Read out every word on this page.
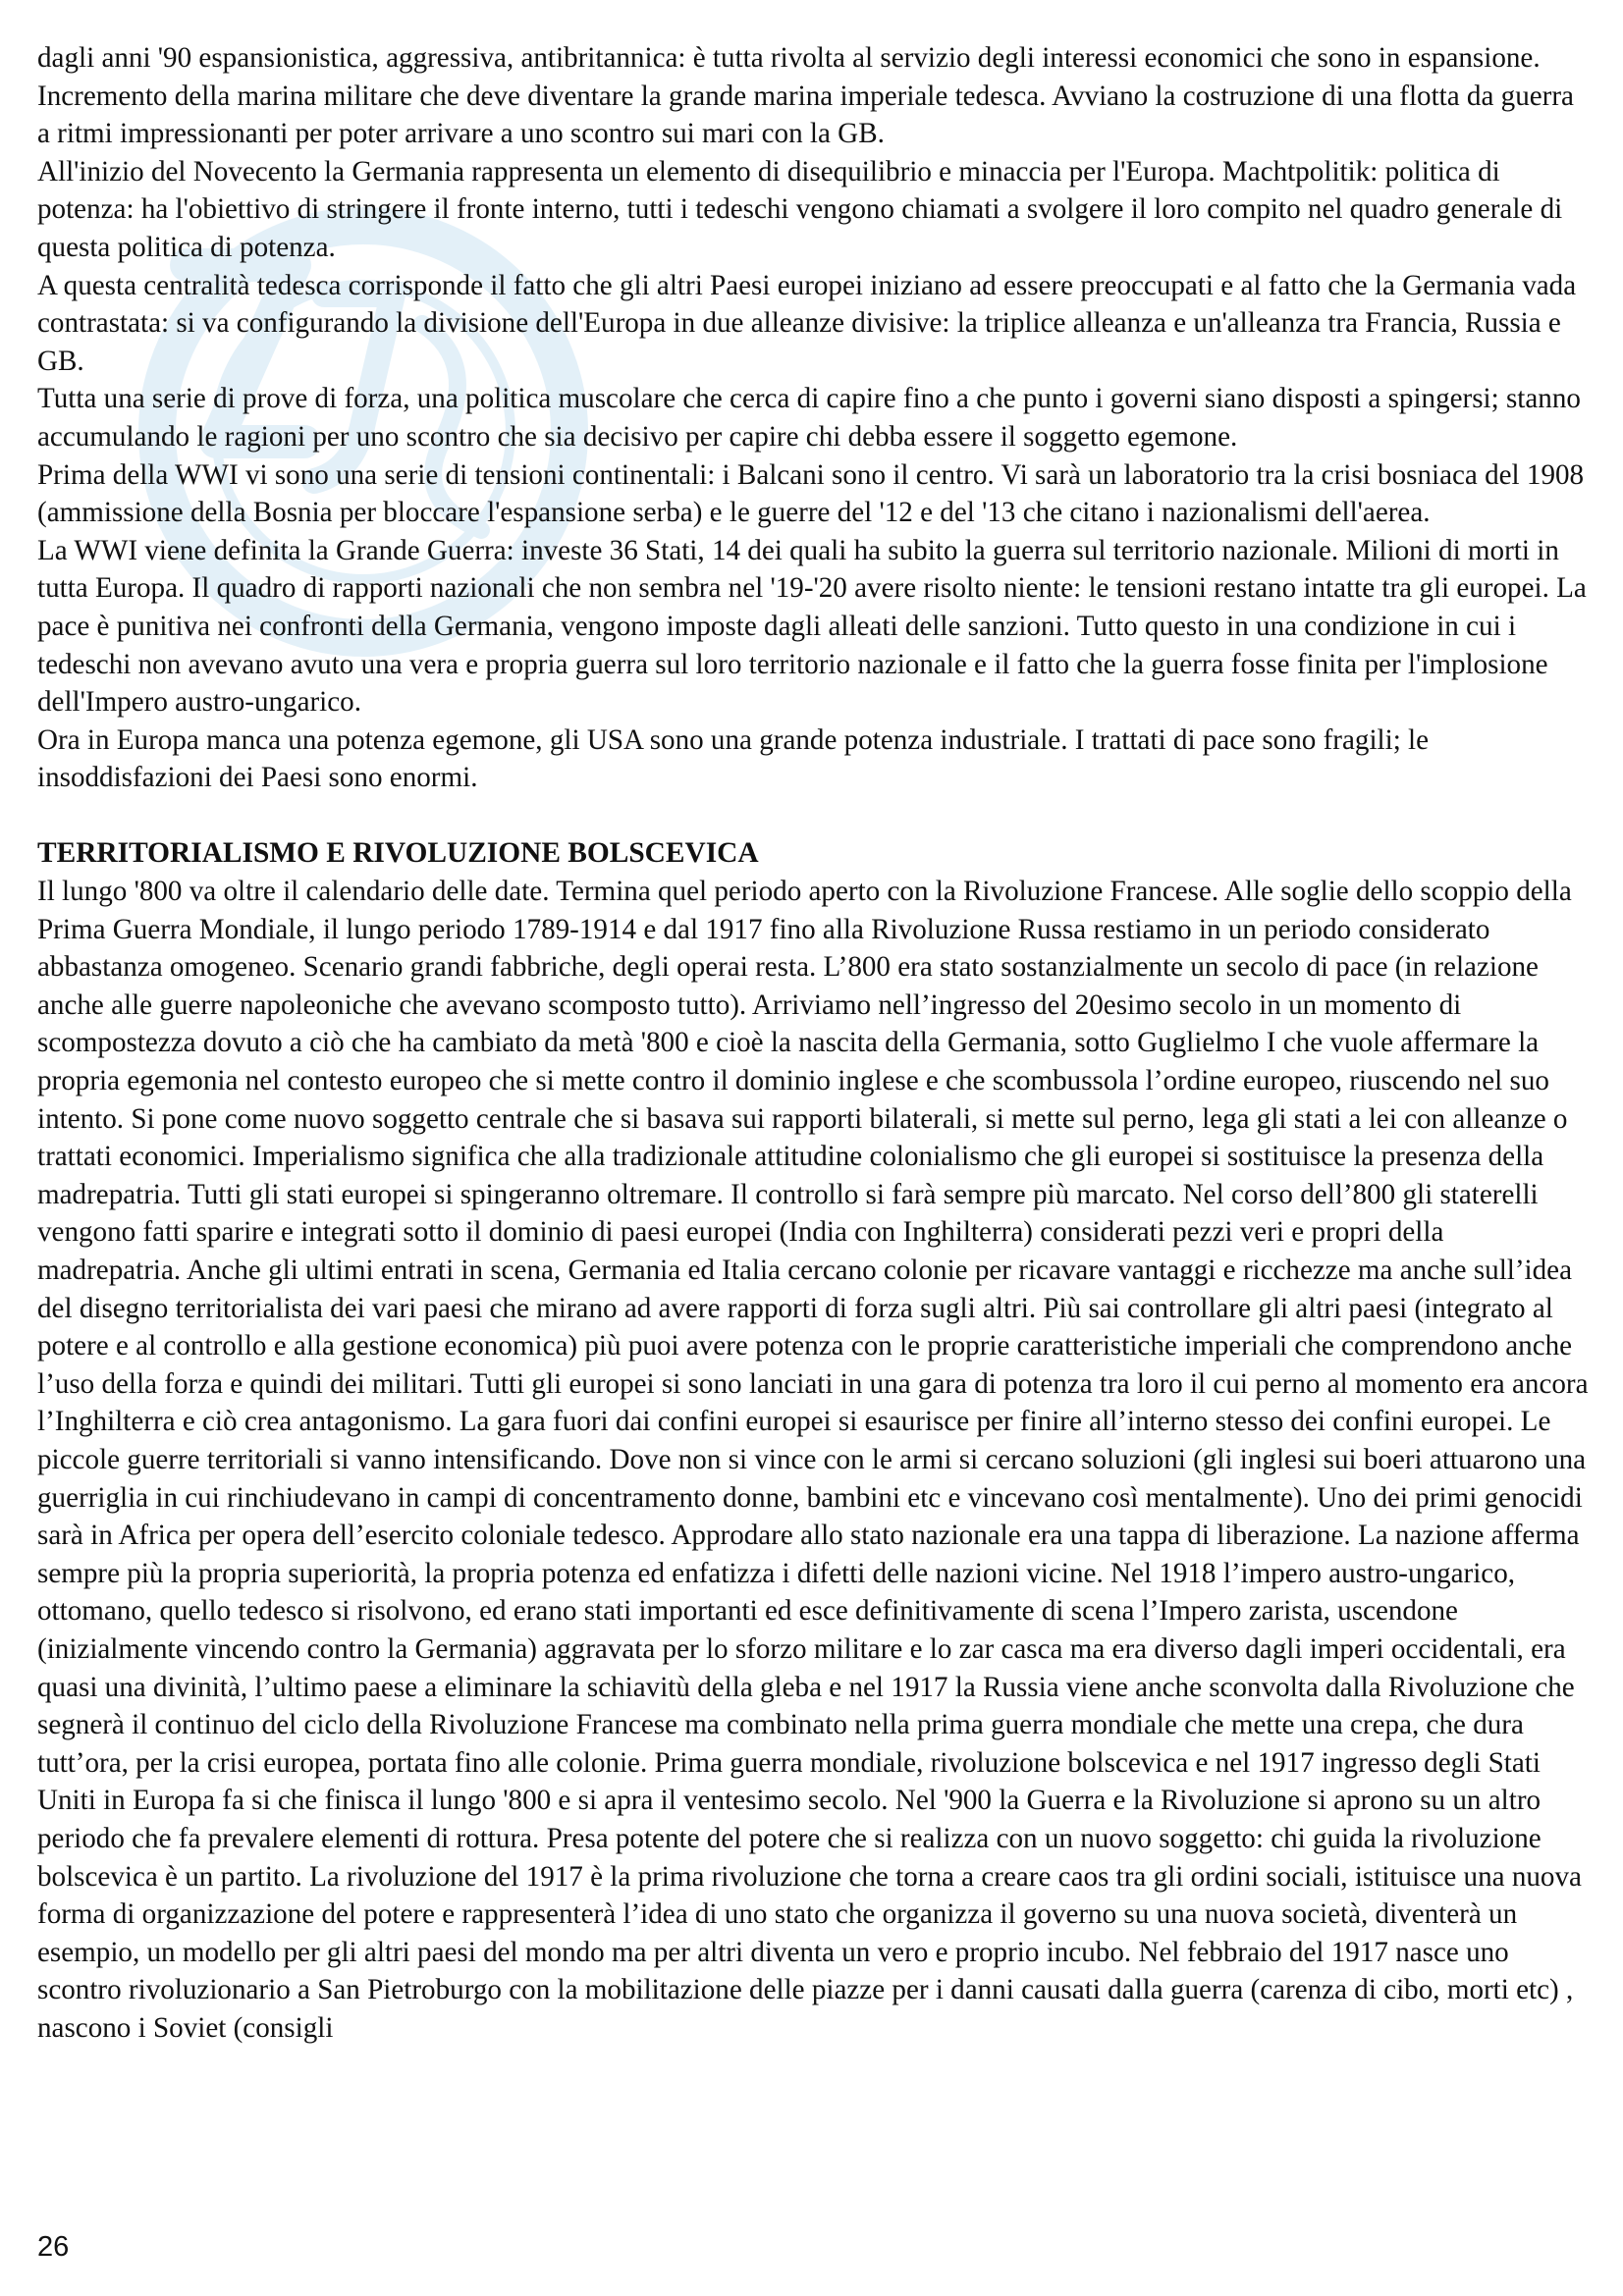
dagli anni '90 espansionistica, aggressiva, antibritannica: è tutta rivolta al servizio degli interessi economici che sono in espansione. Incremento della marina militare che deve diventare la grande marina imperiale tedesca. Avviano la costruzione di una flotta da guerra a ritmi impressionanti per poter arrivare a uno scontro sui mari con la GB.

All'inizio del Novecento la Germania rappresenta un elemento di disequilibrio e minaccia per l'Europa. Machtpolitik: politica di potenza: ha l'obiettivo di stringere il fronte interno, tutti i tedeschi vengono chiamati a svolgere il loro compito nel quadro generale di questa politica di potenza.

A questa centralità tedesca corrisponde il fatto che gli altri Paesi europei iniziano ad essere preoccupati e al fatto che la Germania vada contrastata: si va configurando la divisione dell'Europa in due alleanze divisive: la triplice alleanza e un'alleanza tra Francia, Russia e GB.

Tutta una serie di prove di forza, una politica muscolare che cerca di capire fino a che punto i governi siano disposti a spingersi; stanno accumulando le ragioni per uno scontro che sia decisivo per capire chi debba essere il soggetto egemone.

Prima della WWI vi sono una serie di tensioni continentali: i Balcani sono il centro. Vi sarà un laboratorio tra la crisi bosniaca del 1908 (ammissione della Bosnia per bloccare l'espansione serba) e le guerre del '12 e del '13 che citano i nazionalismi dell'aerea.

La WWI viene definita la Grande Guerra: investe 36 Stati, 14 dei quali ha subito la guerra sul territorio nazionale. Milioni di morti in tutta Europa. Il quadro di rapporti nazionali che non sembra nel '19-'20 avere risolto niente: le tensioni restano intatte tra gli europei. La pace è punitiva nei confronti della Germania, vengono imposte dagli alleati delle sanzioni. Tutto questo in una condizione in cui i tedeschi non avevano avuto una vera e propria guerra sul loro territorio nazionale e il fatto che la guerra fosse finita per l'implosione dell'Impero austro-ungarico.

Ora in Europa manca una potenza egemone, gli USA sono una grande potenza industriale. I trattati di pace sono fragili; le insoddisfazioni dei Paesi sono enormi.

TERRITORIALISMO E RIVOLUZIONE BOLSCEVICA

Il lungo '800 va oltre il calendario delle date. Termina quel periodo aperto con la Rivoluzione Francese. Alle soglie dello scoppio della Prima Guerra Mondiale, il lungo periodo 1789-1914 e dal 1917 fino alla Rivoluzione Russa restiamo in un periodo considerato abbastanza omogeneo. Scenario grandi fabbriche, degli operai resta. L’800 era stato sostanzialmente un secolo di pace (in relazione anche alle guerre napoleoniche che avevano scomposto tutto). Arriviamo nell’ingresso del 20esimo secolo in un momento di scompostezza dovuto a ciò che ha cambiato da metà '800 e cioè la nascita della Germania, sotto Guglielmo I che vuole affermare la propria egemonia nel contesto europeo che si mette contro il dominio inglese e che scombussola l’ordine europeo, riuscendo nel suo intento. Si pone come nuovo soggetto centrale che si basava sui rapporti bilaterali, si mette sul perno, lega gli stati a lei con alleanze o trattati economici. Imperialismo significa che alla tradizionale attitudine colonialismo che gli europei si sostituisce la presenza della madrepatria. Tutti gli stati europei si spingeranno oltremare. Il controllo si farà sempre più marcato. Nel corso dell’800 gli staterelli vengono fatti sparire e integrati sotto il dominio di paesi europei (India con Inghilterra) considerati pezzi veri e propri della madrepatria. Anche gli ultimi entrati in scena, Germania ed Italia cercano colonie per ricavare vantaggi e ricchezze ma anche sull’idea del disegno territorialista dei vari paesi che mirano ad avere rapporti di forza sugli altri. Più sai controllare gli altri paesi (integrato al potere e al controllo e alla gestione economica) più puoi avere potenza con le proprie caratteristiche imperiali che comprendono anche l’uso della forza e quindi dei militari. Tutti gli europei si sono lanciati in una gara di potenza tra loro il cui perno al momento era ancora l’Inghilterra e ciò crea antagonismo. La gara fuori dai confini europei si esaurisce per finire all’interno stesso dei confini europei. Le piccole guerre territoriali si vanno intensificando. Dove non si vince con le armi si cercano soluzioni (gli inglesi sui boeri attuarono una guerriglia in cui rinchiudevano in campi di concentramento donne, bambini etc e vincevano così mentalmente). Uno dei primi genocidi sarà in Africa per opera dell’esercito coloniale tedesco. Approdare allo stato nazionale era una tappa di liberazione. La nazione afferma sempre più la propria superiorità, la propria potenza ed enfatizza i difetti delle nazioni vicine. Nel 1918 l’impero austro-ungarico, ottomano, quello tedesco si risolvono, ed erano stati importanti ed esce definitivamente di scena l’Impero zarista, uscendone (inizialmente vincendo contro la Germania) aggravata per lo sforzo militare e lo zar casca ma era diverso dagli imperi occidentali, era quasi una divinità, l’ultimo paese a eliminare la schiavitù della gleba e nel 1917 la Russia viene anche sconvolta dalla Rivoluzione che segnerà il continuo del ciclo della Rivoluzione Francese ma combinato nella prima guerra mondiale che mette una crepa, che dura tutt’ora, per la crisi europea, portata fino alle colonie. Prima guerra mondiale, rivoluzione bolscevica e nel 1917 ingresso degli Stati Uniti in Europa fa si che finisca il lungo '800 e si apra il ventesimo secolo. Nel '900 la Guerra e la Rivoluzione si aprono su un altro periodo che fa prevalere elementi di rottura. Presa potente del potere che si realizza con un nuovo soggetto: chi guida la rivoluzione bolscevica è un partito. La rivoluzione del 1917 è la prima rivoluzione che torna a creare caos tra gli ordini sociali, istituisce una nuova forma di organizzazione del potere e rappresenterà l’idea di uno stato che organizza il governo su una nuova società, diventerà un esempio, un modello per gli altri paesi del mondo ma per altri diventa un vero e proprio incubo. Nel febbraio del 1917 nasce uno scontro rivoluzionario a San Pietroburgo con la mobilitazione delle piazze per i danni causati dalla guerra (carenza di cibo, morti etc) , nascono i Soviet (consigli

26
